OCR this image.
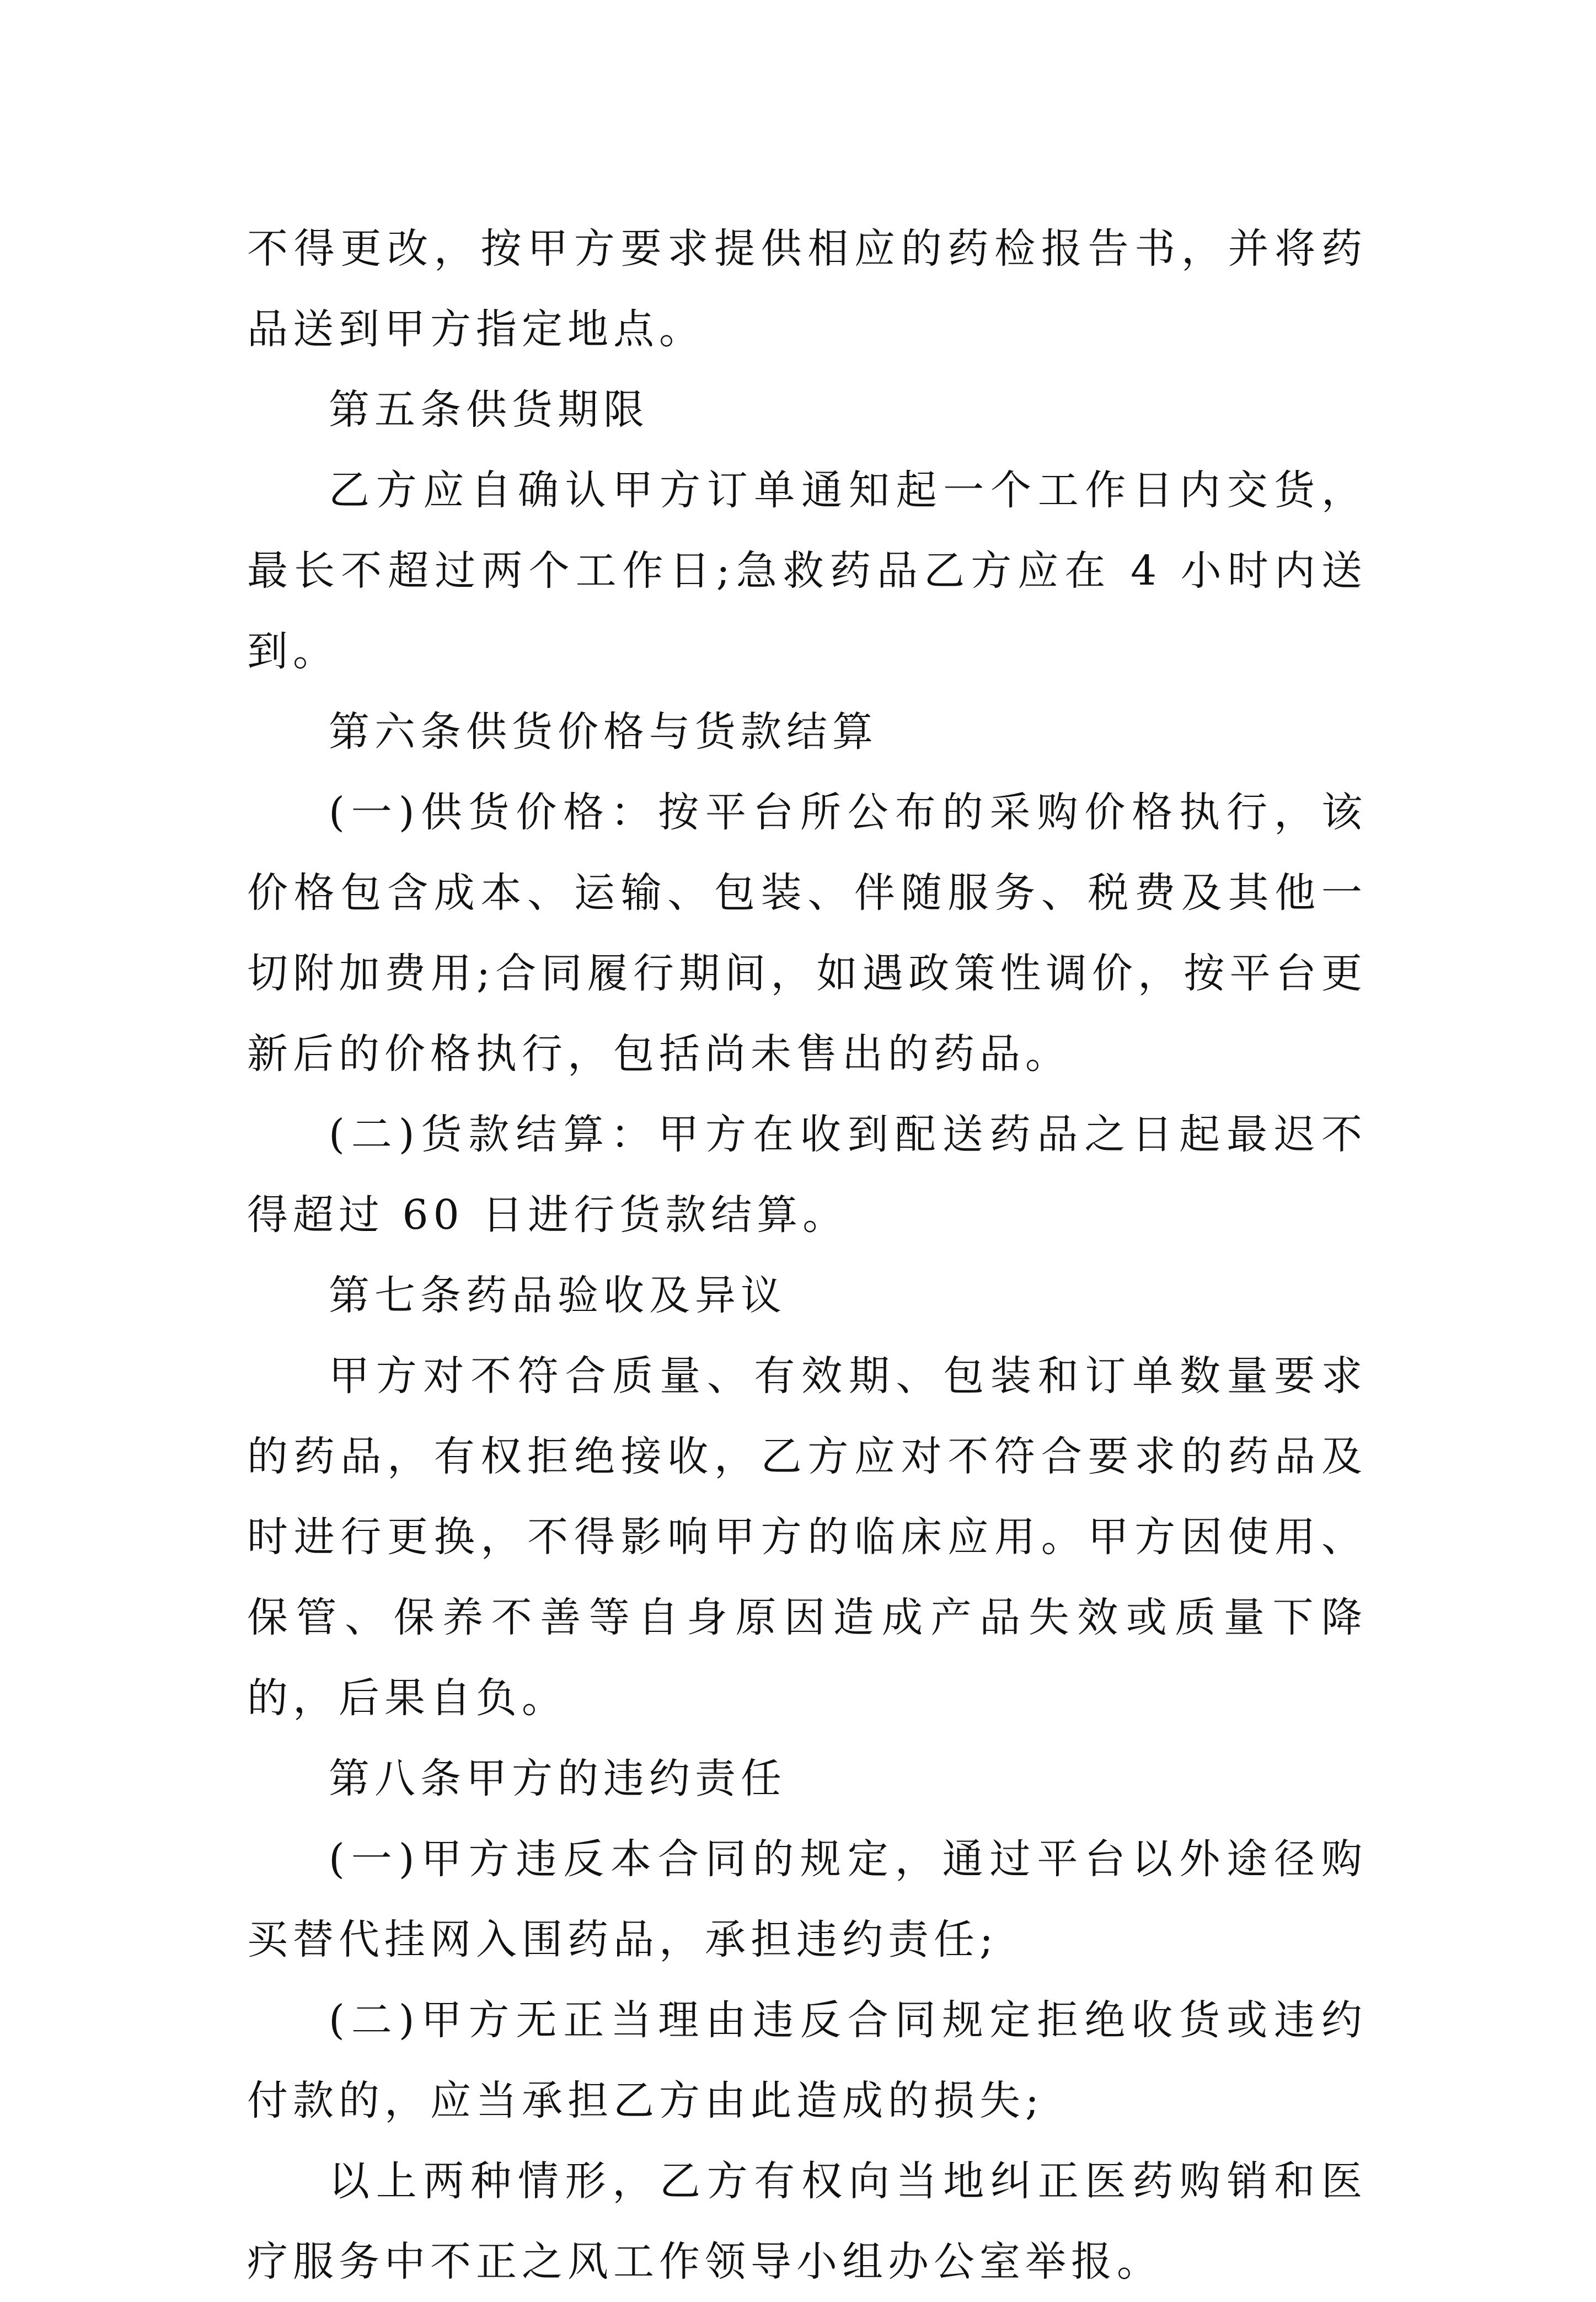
不得更改，按甲方要求提供相应的药检报告书，并将药品送到甲方指定地点。

第五条供货期限

乙方应自确认甲方订单通知起一个工作日内交货，最长不超过两个工作日;急救药品乙方应在 4 小时内送到。

第六条供货价格与货款结算

(一)供货价格：按平台所公布的采购价格执行，该价格包含成本、运输、包装、伴随服务、税费及其他一切附加费用;合同履行期间，如遇政策性调价，按平台更新后的价格执行，包括尚未售出的药品。

(二)货款结算：甲方在收到配送药品之日起最迟不得超过 60 日进行货款结算。

第七条药品验收及异议

甲方对不符合质量、有效期、包装和订单数量要求的药品，有权拒绝接收，乙方应对不符合要求的药品及时进行更换，不得影响甲方的临床应用。甲方因使用、保管、保养不善等自身原因造成产品失效或质量下降的，后果自负。

第八条甲方的违约责任

(一)甲方违反本合同的规定，通过平台以外途径购买替代挂网入围药品，承担违约责任;

(二)甲方无正当理由违反合同规定拒绝收货或违约付款的，应当承担乙方由此造成的损失;

以上两种情形，乙方有权向当地纠正医药购销和医疗服务中不正之风工作领导小组办公室举报。
